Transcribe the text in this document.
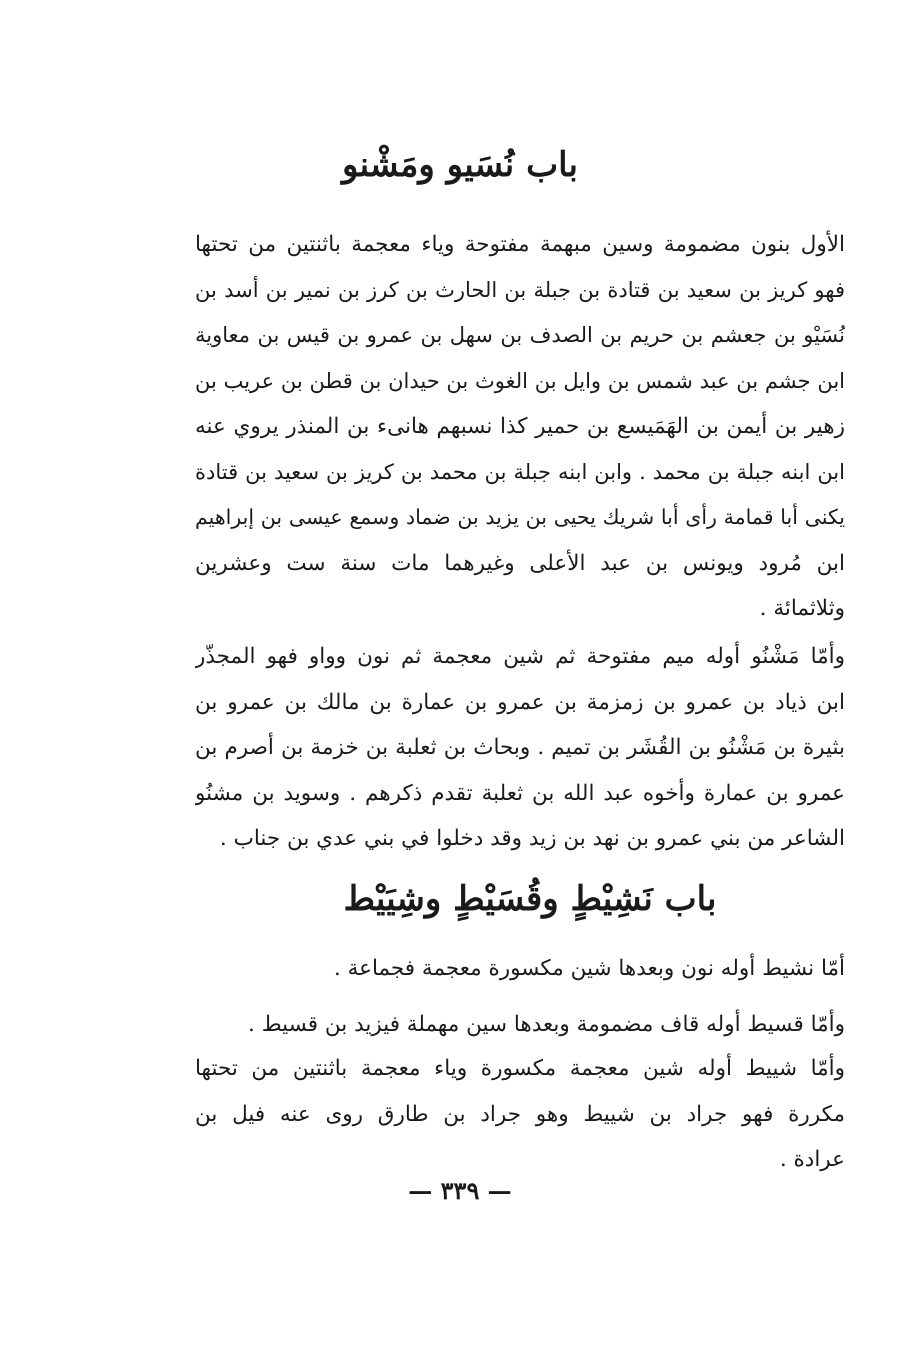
باب نُسَيو ومَشْنو

الأول بنون مضمومة وسين مبهمة مفتوحة وياء معجمة باثنتين من تحتها
فهو كريز بن سعيد بن قتادة بن جبلة بن الحارث بن كرز بن نمير بن أسد بن
نُسَيْو بن جعشم بن حريم بن الصدف بن سهل بن عمرو بن قيس بن معاوية
ابن جشم بن عبد شمس بن وايل بن الغوث بن حيدان بن قطن بن عريب بن
زهير بن أيمن بن الهَمَيسع بن حمير كذا نسبهم هانىء بن المنذر يروي عنه
ابن ابنه جبلة بن محمد . وابن ابنه جبلة بن محمد بن كريز بن سعيد بن قتادة
يكنى أبا قمامة رأى أبا شريك يحيى بن يزيد بن ضماد وسمع عيسى بن إبراهيم
ابن مُرود ويونس بن عبد الأعلى وغيرهما مات سنة ست وعشرين
وثلاثمائة .

وأمّا مَشْنُو أوله ميم مفتوحة ثم شين معجمة ثم نون وواو فهو المجذّر
ابن ذياد بن عمرو بن زمزمة بن عمرو بن عمارة بن مالك بن عمرو بن
بثيرة بن مَشْنُو بن القُشَر بن تميم . وبحاث بن ثعلبة بن خزمة بن أصرم بن
عمرو بن عمارة وأخوه عبد الله بن ثعلبة تقدم ذكرهم . وسويد بن مشنُو
الشاعر من بني عمرو بن نهد بن زيد وقد دخلوا في بني عدي بن جناب .

باب نَشِيْطٍ وقُسَيْطٍ وشِيَيْط

أمّا نشيط أوله نون وبعدها شين مكسورة معجمة فجماعة .

وأمّا قسيط أوله قاف مضمومة وبعدها سين مهملة فيزيد بن قسيط .

وأمّا شييط أوله شين معجمة مكسورة وياء معجمة باثنتين من تحتها
مكررة فهو جراد بن شييط وهو جراد بن طارق روى عنه فيل بن
عرادة .

— ٣٣٩ —
